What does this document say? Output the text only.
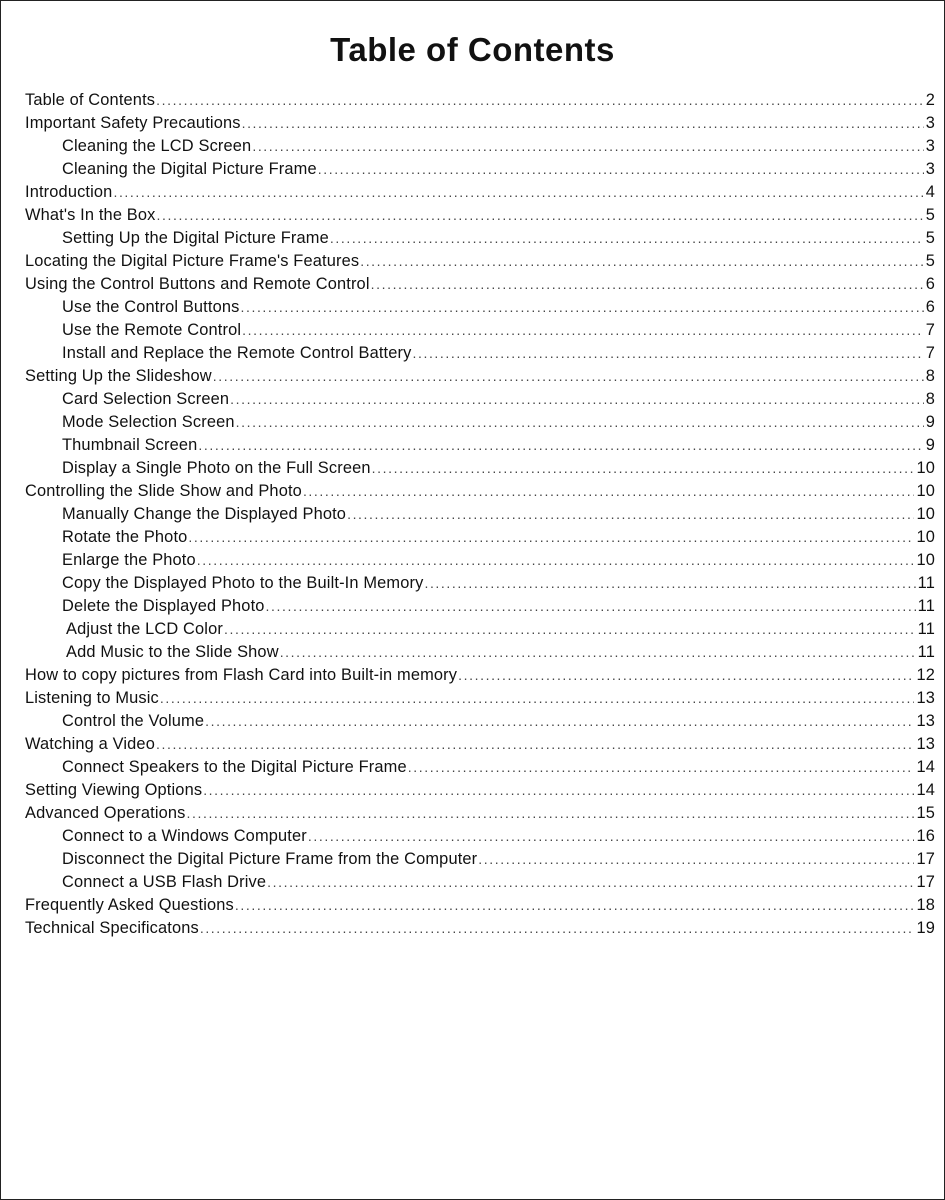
Table of Contents
Table of Contents .....	2
Important Safety Precautions .....	3
Cleaning the LCD Screen .....	3
Cleaning the Digital Picture Frame .....	3
Introduction .....	4
What's In the Box .....	5
Setting Up the Digital Picture Frame .....	5
Locating the Digital Picture Frame's Features .....	5
Using the Control Buttons and Remote Control .....	6
Use the Control Buttons .....	6
Use the Remote Control .....	7
Install and Replace the Remote Control Battery .....	7
Setting Up the Slideshow .....	8
Card Selection Screen .....	8
Mode Selection Screen .....	9
Thumbnail Screen .....	9
Display a Single Photo on the Full Screen .....	10
Controlling the Slide Show and Photo .....	10
Manually Change the Displayed Photo .....	10
Rotate the Photo .....	10
Enlarge the Photo .....	10
Copy the Displayed Photo to the Built-In Memory .....	11
Delete the Displayed Photo .....	11
Adjust the LCD Color .....	11
Add Music to the Slide Show .....	11
How to copy pictures from Flash Card into Built-in memory .....	12
Listening to Music .....	13
Control the Volume .....	13
Watching a Video .....	13
Connect Speakers to the Digital Picture Frame .....	14
Setting Viewing Options .....	14
Advanced Operations .....	15
Connect to a Windows Computer .....	16
Disconnect the Digital Picture Frame from the Computer .....	17
Connect a USB Flash Drive .....	17
Frequently Asked Questions .....	18
Technical Specificatons .....	19
